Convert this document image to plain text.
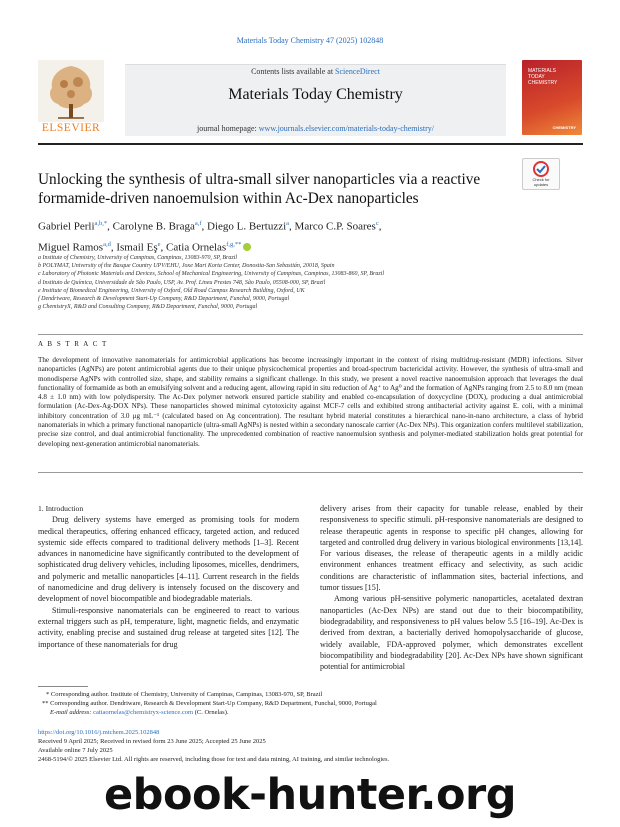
Materials Today Chemistry 47 (2025) 102848
ELSEVIER
Contents lists available at ScienceDirect
Materials Today Chemistry
journal homepage: www.journals.elsevier.com/materials-today-chemistry/
MATERIALS
TODAY
CHEMISTRY
CHEMISTRY
Check for
updates
Unlocking the synthesis of ultra-small silver nanoparticles via a reactive formamide-driven nanoemulsion within Ac-Dex nanoparticles
Gabriel Perli$^{a,b,*}$, Carolyne B. Braga$^{a,f}$, Diego L. Bertuzzi$^a$, Marco C.P. Soares$^c$,
Miguel Ramos$^{a,d}$, Ismail $Eş^e$, Catia Ornelas$^{f,g,**}$
a Institute of Chemistry, University of Campinas, Campinas, 13083-970, SP, Brazil
b POLYMAT, University of the Basque Country UPV/EHU, Joxe Mari Korta Center, Donostia-San Sebastián, 20018, Spain
c Laboratory of Photonic Materials and Devices, School of Mechanical Engineering, University of Campinas, Campinas, 13083-860, SP, Brazil
d Instituto de Química, Universidade de São Paulo, USP, Av. Prof. Lineu Prestes 748, São Paulo, 05508-000, SP, Brazil
e Institute of Biomedical Engineering, University of Oxford, Old Road Campus Research Building, Oxford, UK
f Dendriware, Research & Development Start-Up Company, R&D Department, Funchal, 9000, Portugal
g ChemistryX, R&D and Consulting Company, R&D Department, Funchal, 9000, Portugal
A B S T R A C T
The development of innovative nanomaterials for antimicrobial applications has become increasingly important in the context of rising multidrug-resistant (MDR) infections. Silver nanoparticles (AgNPs) are potent antimicrobial agents due to their unique physicochemical properties and broad-spectrum bactericidal activity. However, the synthesis of ultra-small and monodisperse AgNPs with controlled size, shape, and stability remains a significant challenge. In this study, we present a novel reactive nanoemulsion approach that leverages the dual functionality of formamide as both an emulsifying solvent and a reducing agent, allowing rapid in situ reduction of Ag⁺ to Ag⁰ and the formation of AgNPs ranging from 2.5 to 8.0 nm (mean 4.8 ± 1.0 nm) with low polydispersity. The Ac-Dex polymer network ensured particle stability and enabled co-encapsulation of doxycycline (DOX), producing a dual antimicrobial formulation (Ac-Dex-Ag-DOX NPs). These nanoparticles showed minimal cytotoxicity against MCF-7 cells and exhibited strong antibacterial activity against E. coli, with a minimal inhibitory concentration of 3.0 μg mL⁻¹ (calculated based on Ag concentration). The resultant hybrid material constitutes a hierarchical nano-in-nano architecture, a class of hybrid nanomaterials in which a primary functional nanoparticle (ultra-small AgNPs) is nested within a secondary nanoscale carrier (Ac-Dex NPs). This organization confers multilevel stabilization, precise size control, and dual antimicrobial functionality. The unprecedented combination of reactive nanoemulsion synthesis and polymer-mediated stabilization holds great potential for developing next-generation antimicrobial nanomaterials.

1. Introduction

Drug delivery systems have emerged as promising tools for modern medical therapeutics, offering enhanced efficacy, targeted action, and reduced systemic side effects compared to traditional delivery methods [1–3]. Recent advances in nanomedicine have significantly contributed to the development of sophisticated drug delivery vehicles, including liposomes, micelles, dendrimers, and polymeric and metallic nanoparticles [4–11]. Current research in the fields of nanomedicine and drug delivery is intensely focused on the discovery and development of novel biocompatible and biodegradable materials.

Stimuli-responsive nanomaterials can be engineered to react to various external triggers such as pH, temperature, light, magnetic fields, and enzymatic activity, enabling precise and sustained drug release at targeted sites [12]. The importance of these nanomaterials for drug

delivery arises from their capacity for tunable release, enabled by their responsiveness to specific stimuli. pH-responsive nanomaterials are designed to release therapeutic agents in response to specific pH changes, allowing for targeted and controlled drug delivery in various biological environments [13,14]. For various diseases, the release of therapeutic agents in a mildly acidic environment enhances treatment efficacy and selectivity, as such acidic conditions are characteristic of inflammation sites, bacterial infections, and tumor tissues [15].

Among various pH-sensitive polymeric nanoparticles, acetalated dextran nanoparticles (Ac-Dex NPs) are stand out due to their biocompatibility, biodegradability, and responsiveness to pH values below 5.5 [16–19]. Ac-Dex is derived from dextran, a bacterially derived homopolysaccharide of glucose, widely available, FDA-approved polymer, which demonstrates excellent biocompatibility and biodegradability [20]. Ac-Dex NPs have shown significant potential for antimicrobial

* Corresponding author. Institute of Chemistry, University of Campinas, Campinas, 13083-970, SP, Brazil
** Corresponding author. Dendriware, Research & Development Start-Up Company, R&D Department, Funchal, 9000, Portugal
E-mail address: catiaornelas@chemistryx-science.com (C. Ornelas).
https://doi.org/10.1016/j.mtchem.2025.102848
Received 9 April 2025; Received in revised form 23 June 2025; Accepted 25 June 2025
Available online 7 July 2025
2468-5194/© 2025 Elsevier Ltd. All rights are reserved, including those for text and data mining, AI training, and similar technologies.
ebook-hunter.org
